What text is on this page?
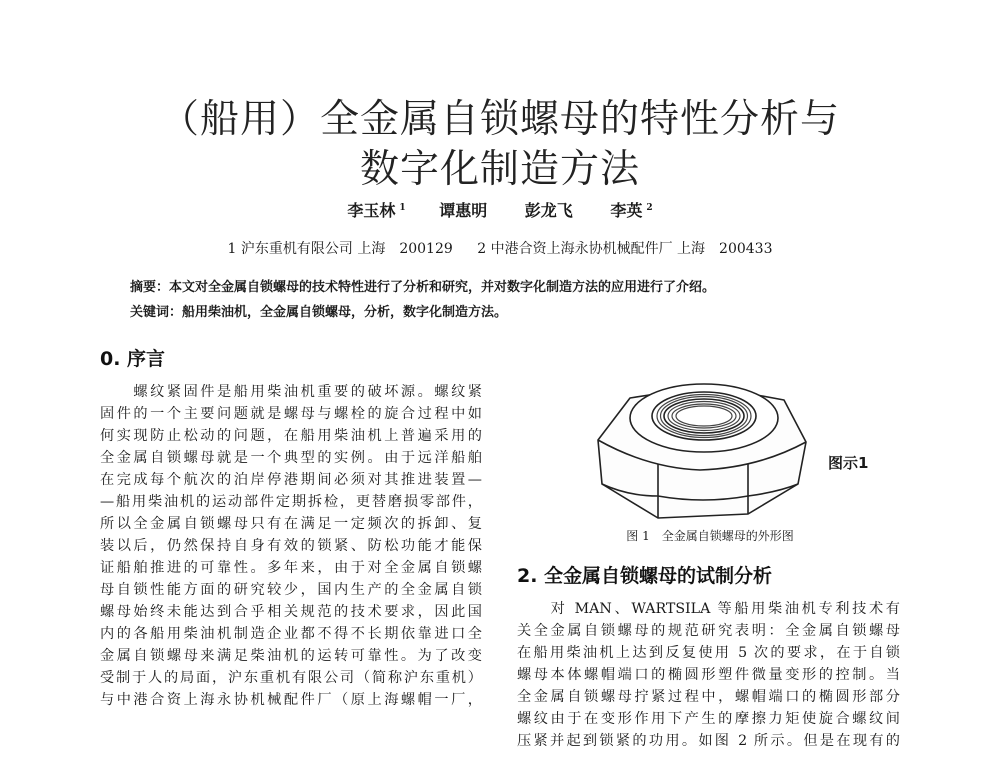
（船用）全金属自锁螺母的特性分析与
数字化制造方法
李玉林 $^1$ 谭惠明 彭龙飞 李英 $^2$
1 沪东重机有限公司 上海　200129 2 中港合资上海永协机械配件厂 上海　200433
摘要：本文对全金属自锁螺母的技术特性进行了分析和研究，并对数字化制造方法的应用进行了介绍。
关键词：船用柴油机，全金属自锁螺母，分析，数字化制造方法。
0. 序言
　　螺纹紧固件是船用柴油机重要的破坏源。螺纹紧
固件的一个主要问题就是螺母与螺栓的旋合过程中如
何实现防止松动的问题，在船用柴油机上普遍采用的
全金属自锁螺母就是一个典型的实例。由于远洋船舶
在完成每个航次的泊岸停港期间必须对其推进装置—
—船用柴油机的运动部件定期拆检，更替磨损零部件，
所以全金属自锁螺母只有在满足一定频次的拆卸、复
装以后，仍然保持自身有效的锁紧、防松功能才能保
证船舶推进的可靠性。多年来，由于对全金属自锁螺
母自锁性能方面的研究较少，国内生产的全金属自锁
螺母始终未能达到合乎相关规范的技术要求，因此国
内的各船用柴油机制造企业都不得不长期依靠进口全
金属自锁螺母来满足柴油机的运转可靠性。为了改变
受制于人的局面，沪东重机有限公司（简称沪东重机）
与中港合资上海永协机械配件厂（原上海螺帽一厂，
图示1
图 1　全金属自锁螺母的外形图
2. 全金属自锁螺母的试制分析
　　对 MAN、WARTSILA 等船用柴油机专利技术有
关全金属自锁螺母的规范研究表明：全金属自锁螺母
在船用柴油机上达到反复使用 5 次的要求，在于自锁
螺母本体螺帽端口的椭圆形塑件微量变形的控制。当
全金属自锁螺母拧紧过程中，螺帽端口的椭圆形部分
螺纹由于在变形作用下产生的摩擦力矩使旋合螺纹间
压紧并起到锁紧的功用。如图 2 所示。但是在现有的
